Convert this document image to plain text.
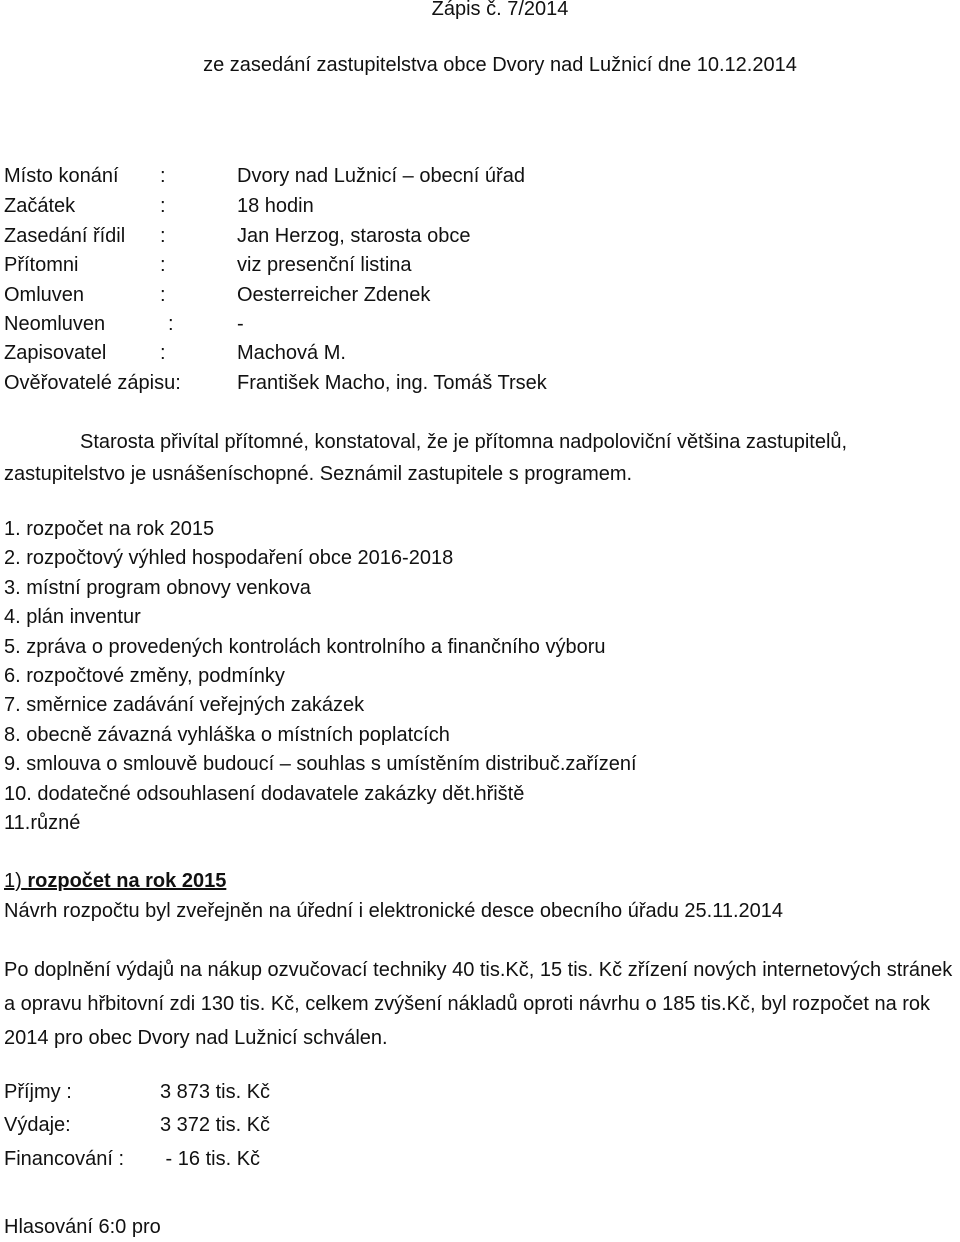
Zápis č. 7/2014
ze zasedání zastupitelstva obce Dvory nad Lužnicí dne 10.12.2014
Místo konání :	Dvory nad Lužnicí – obecní úřad
Začátek	:	18 hodin
Zasedání řídil :	Jan Herzog, starosta obce
Přítomni	:	viz presenční listina
Omluven	:	Oesterreicher Zdenek
Neomluven	:	-
Zapisovatel	:	Machová M.
Ověřovatelé zápisu:	František Macho, ing. Tomáš Trsek
Starosta přivítal přítomné, konstatoval, že je přítomna nadpoloviční většina zastupitelů, zastupitelstvo je usnášeníschopné. Seznámil zastupitele s programem.
1. rozpočet na rok 2015
2. rozpočtový výhled hospodaření obce 2016-2018
3. místní program obnovy venkova
4. plán inventur
5. zpráva o provedených kontrolách kontrolního a finančního výboru
6. rozpočtové změny, podmínky
7. směrnice zadávání veřejných zakázek
8. obecně závazná vyhláška o místních poplatcích
9. smlouva o smlouvě budoucí – souhlas s umístěním distribuč.zařízení
10. dodatečné odsouhlasení dodavatele zakázky dět.hřiště
11.různé
1) rozpočet na rok 2015
Návrh rozpočtu byl zveřejněn na úřední i elektronické desce obecního úřadu 25.11.2014
Po doplnění výdajů na nákup ozvučovací techniky 40 tis.Kč, 15 tis. Kč zřízení nových internetových stránek a opravu hřbitovní zdi 130 tis. Kč, celkem zvýšení nákladů oproti návrhu o 185 tis.Kč, byl rozpočet na rok 2014 pro obec Dvory nad Lužnicí schválen.
Příjmy :	3 873 tis. Kč
Výdaje:	3 372 tis. Kč
Financování : - 16 tis. Kč
Hlasování 6:0 pro
